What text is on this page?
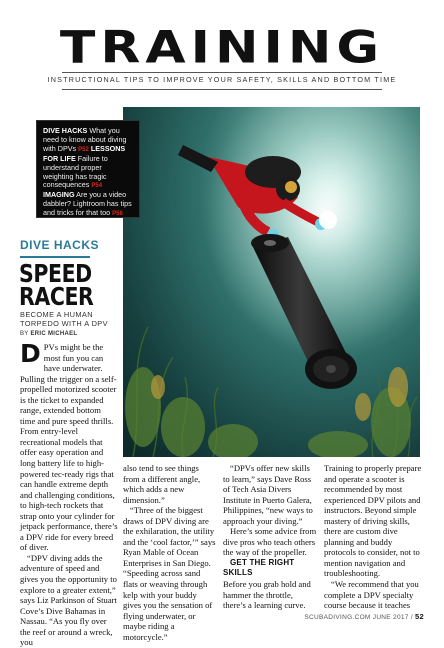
TRAINING
INSTRUCTIONAL TIPS TO IMPROVE YOUR SAFETY, SKILLS AND BOTTOM TIME
DIVE HACKS What you need to know about diving with DPVs P52 LESSONS FOR LIFE Failure to understand proper weighting has tragic consequences P54 IMAGING Are you a video dabbler? Lightroom has tips and tricks for that too P56
DIVE HACKS
SPEED
RACER
BECOME A HUMAN TORPEDO WITH A DPV
BY ERIC MICHAEL

D PVs might be the most fun you can have underwater. Pulling the trigger on a self-propelled motorized scooter is the ticket to expanded range, extended bottom time and pure speed thrills. From entry-level recreational models that offer easy operation and long battery life to high-powered tec-ready rigs that can handle extreme depth and challenging conditions, to high-tech rockets that strap onto your cylinder for jetpack performance, there’s a DPV ride for every breed of diver.

“DPV diving adds the adventure of speed and gives you the opportunity to explore to a greater extent,” says Liz Parkinson of Stuart Cove’s Dive Bahamas in Nassau. “As you fly over the reef or around a wreck, you

also tend to see things from a different angle, which adds a new dimension.”

“Three of the biggest draws of DPV diving are the exhilaration, the utility and the ‘cool factor,’” says Ryan Mable of Ocean Enterprises in San Diego. “Speeding across sand flats or weaving through kelp with your buddy gives you the sensation of flying underwater, or maybe riding a motorcycle.”

“DPVs offer new skills to learn,” says Dave Ross of Tech Asia Divers Institute in Puerto Galera, Philippines, “new ways to approach your diving.”

Here’s some advice from dive pros who teach others the way of the propeller.

GET THE RIGHT SKILLS

Before you grab hold and hammer the throttle, there’s a learning curve.

Training to properly prepare and operate a scooter is recommended by most experienced DPV pilots and instructors. Beyond simple mastery of driving skills, there are custom dive planning and buddy protocols to consider, not to mention navigation and troubleshooting.

“We recommend that you complete a DPV specialty course because it teaches

SCUBADIVING.COM JUNE 2017 / 52
